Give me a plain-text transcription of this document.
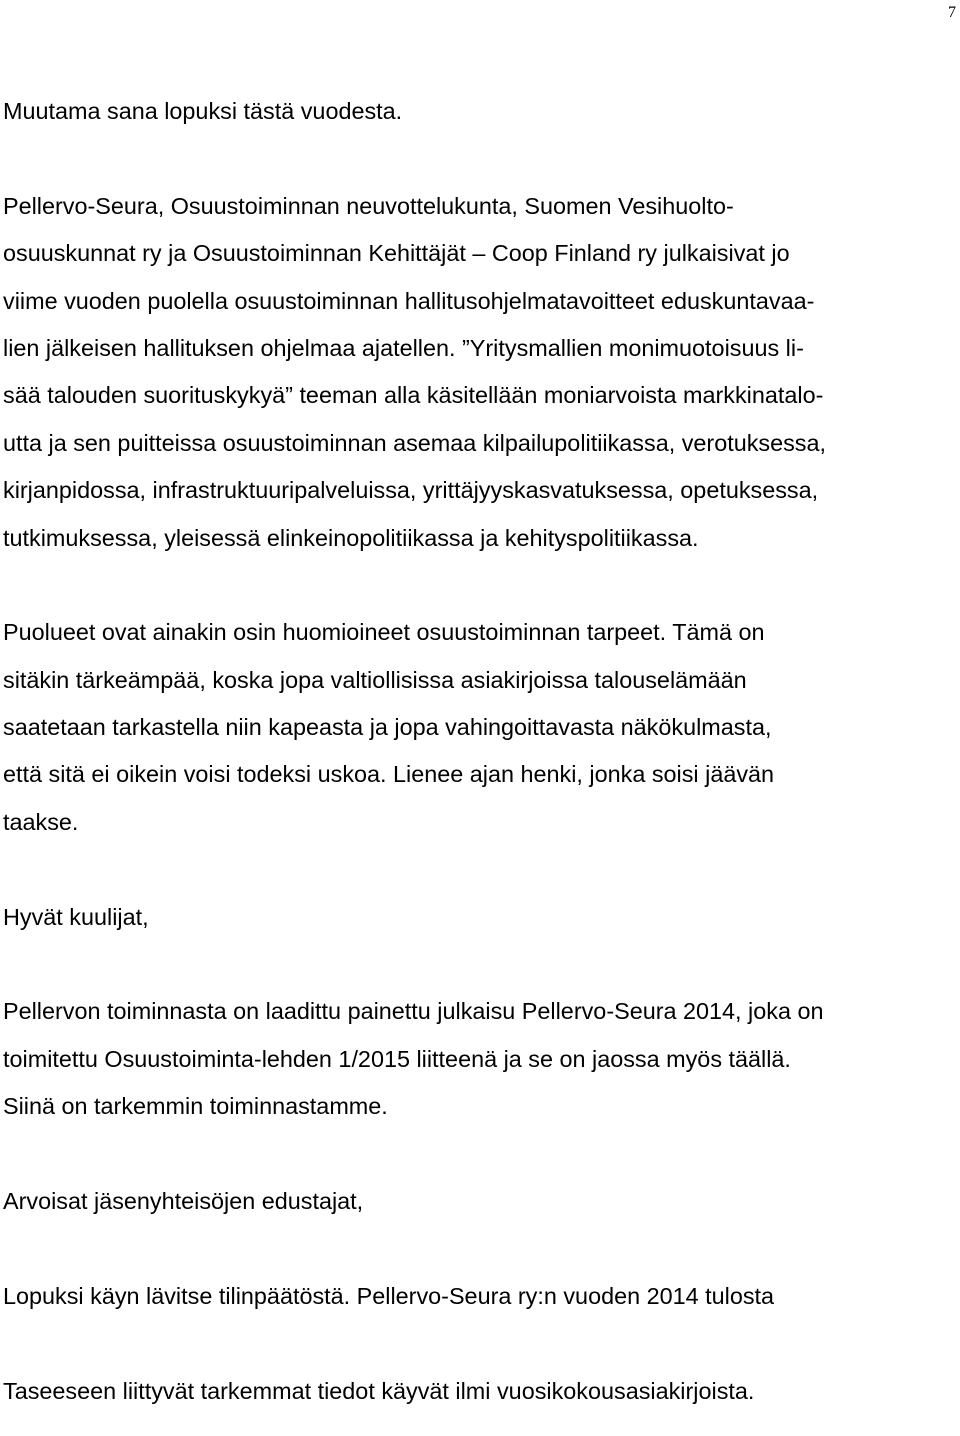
7

Muutama sana lopuksi tästä vuodesta.

Pellervo-Seura, Osuustoiminnan neuvottelukunta, Suomen Vesihuolto-
osuuskunnat ry ja Osuustoiminnan Kehittäjät – Coop Finland ry julkaisivat jo
viime vuoden puolella osuustoiminnan hallitusohjelmatavoitteet eduskuntavaa-
lien jälkeisen hallituksen ohjelmaa ajatellen. ”Yritysmallien monimuotoisuus li-
sää talouden suorituskykyä” teeman alla käsitellään moniarvoista markkinatalo-
utta ja sen puitteissa osuustoiminnan asemaa kilpailupolitiikassa, verotuksessa,
kirjanpidossa, infrastruktuuripalveluissa, yrittäjyyskasvatuksessa, opetuksessa,
tutkimuksessa, yleisessä elinkeinopolitiikassa ja kehityspolitiikassa.

Puolueet ovat ainakin osin huomioineet osuustoiminnan tarpeet. Tämä on
sitäkin tärkeämpää, koska jopa valtiollisissa asiakirjoissa talouselämään
saatetaan tarkastella niin kapeasta ja jopa vahingoittavasta näkökulmasta,
että sitä ei oikein voisi todeksi uskoa. Lienee ajan henki, jonka soisi jäävän
taakse.

Hyvät kuulijat,

Pellervon toiminnasta on laadittu painettu julkaisu Pellervo-Seura 2014, joka on
toimitettu Osuustoiminta-lehden 1/2015 liitteenä ja se on jaossa myös täällä.
Siinä on tarkemmin toiminnastamme.

Arvoisat jäsenyhteisöjen edustajat,

Lopuksi käyn lävitse tilinpäätöstä. Pellervo-Seura ry:n vuoden 2014 tulosta

Taseeseen liittyvät tarkemmat tiedot käyvät ilmi vuosikokousasiakirjoista.
